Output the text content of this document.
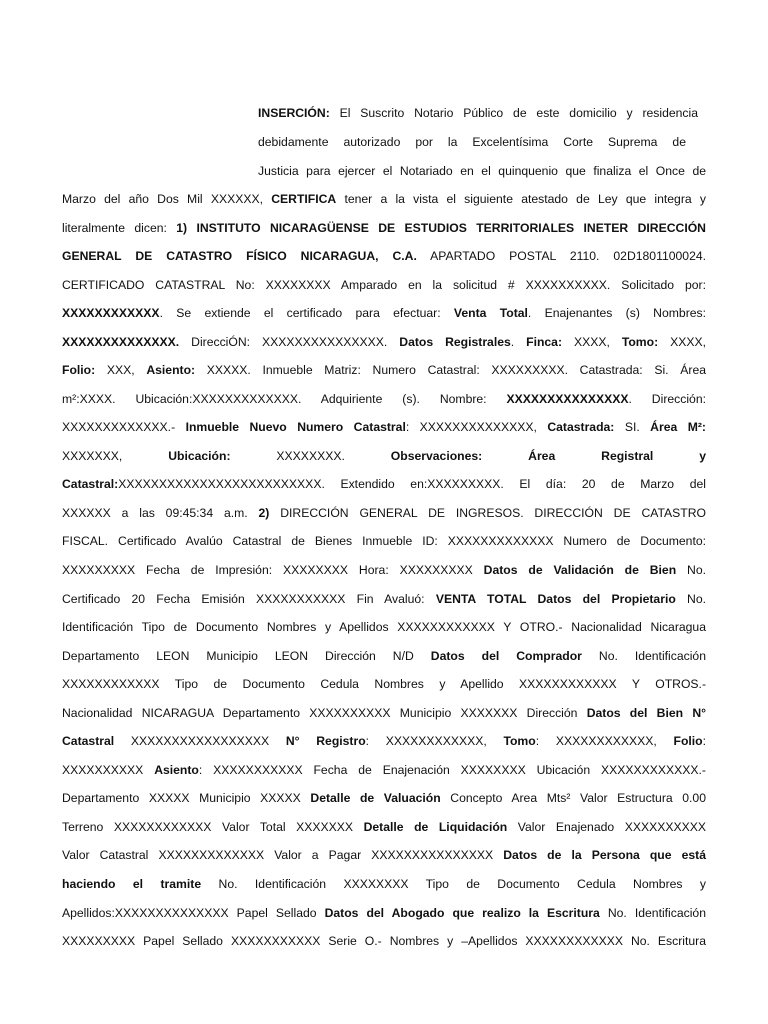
INSERCIÓN: El Suscrito Notario Público de este domicilio y residencia
debidamente autorizado por la Excelentísima Corte Suprema de
Justicia para ejercer el Notariado en el quinquenio que finaliza el Once de
Marzo del año Dos Mil XXXXXX, CERTIFICA tener a la vista el siguiente atestado de Ley que integra y
literalmente dicen: 1) INSTITUTO NICARAGÜENSE DE ESTUDIOS TERRITORIALES INETER DIRECCIÓN
GENERAL DE CATASTRO FÍSICO NICARAGUA, C.A. APARTADO POSTAL 2110. 02D1801100024.
CERTIFICADO CATASTRAL No: XXXXXXXX Amparado en la solicitud # XXXXXXXXXX. Solicitado por:
XXXXXXXXXXXX. Se extiende el certificado para efectuar: Venta Total. Enajenantes (s) Nombres:
XXXXXXXXXXXXXX. DirecciÓN: XXXXXXXXXXXXXXX. Datos Registrales. Finca: XXXX, Tomo: XXXX,
Folio: XXX, Asiento: XXXXX. Inmueble Matriz: Numero Catastral: XXXXXXXXX. Catastrada: Si. Área
m²:XXXX. Ubicación:XXXXXXXXXXXXX. Adquiriente (s). Nombre: XXXXXXXXXXXXXXX. Dirección:
XXXXXXXXXXXXX.- Inmueble Nuevo Numero Catastral: XXXXXXXXXXXXXX, Catastrada: SI. Área M²:
XXXXXXX, Ubicación: XXXXXXXX. Observaciones:	Área Registral y
Catastral:XXXXXXXXXXXXXXXXXXXXXXXXX. Extendido en:XXXXXXXXX. El día: 20 de Marzo del
XXXXXX a las 09:45:34 a.m. 2) DIRECCIÓN GENERAL DE INGRESOS. DIRECCIÓN DE CATASTRO
FISCAL. Certificado Avalúo Catastral de Bienes Inmueble ID: XXXXXXXXXXXXX Numero de Documento:
XXXXXXXXX Fecha de Impresión: XXXXXXXX Hora: XXXXXXXXX Datos de Validación de Bien No.
Certificado 20 Fecha Emisión XXXXXXXXXXX Fin Avaluó: VENTA TOTAL Datos del Propietario No.
Identificación Tipo de Documento Nombres y Apellidos XXXXXXXXXXXX Y OTRO.- Nacionalidad Nicaragua
Departamento LEON Municipio LEON Dirección N/D Datos del Comprador No. Identificación
XXXXXXXXXXXX Tipo de Documento Cedula Nombres y Apellido XXXXXXXXXXXX Y OTROS.-
Nacionalidad NICARAGUA Departamento XXXXXXXXXX Municipio XXXXXXX Dirección Datos del Bien N°
Catastral XXXXXXXXXXXXXXXXX N° Registro: XXXXXXXXXXXX, Tomo: XXXXXXXXXXXX, Folio:
XXXXXXXXXX Asiento: XXXXXXXXXXX Fecha de Enajenación XXXXXXXX Ubicación XXXXXXXXXXXX.-
Departamento XXXXX Municipio XXXXX Detalle de Valuación Concepto Area Mts² Valor Estructura 0.00
Terreno XXXXXXXXXXXX Valor Total XXXXXXX Detalle de Liquidación Valor Enajenado XXXXXXXXXX
Valor Catastral XXXXXXXXXXXXX Valor a Pagar XXXXXXXXXXXXXXX Datos de la Persona que está
haciendo el tramite No. Identificación XXXXXXXX Tipo de Documento Cedula Nombres y
Apellidos:XXXXXXXXXXXXXX Papel Sellado Datos del Abogado que realizo la Escritura No. Identificación
XXXXXXXXX Papel Sellado XXXXXXXXXXX Serie O.- Nombres y –Apellidos XXXXXXXXXXXX No. Escritura
